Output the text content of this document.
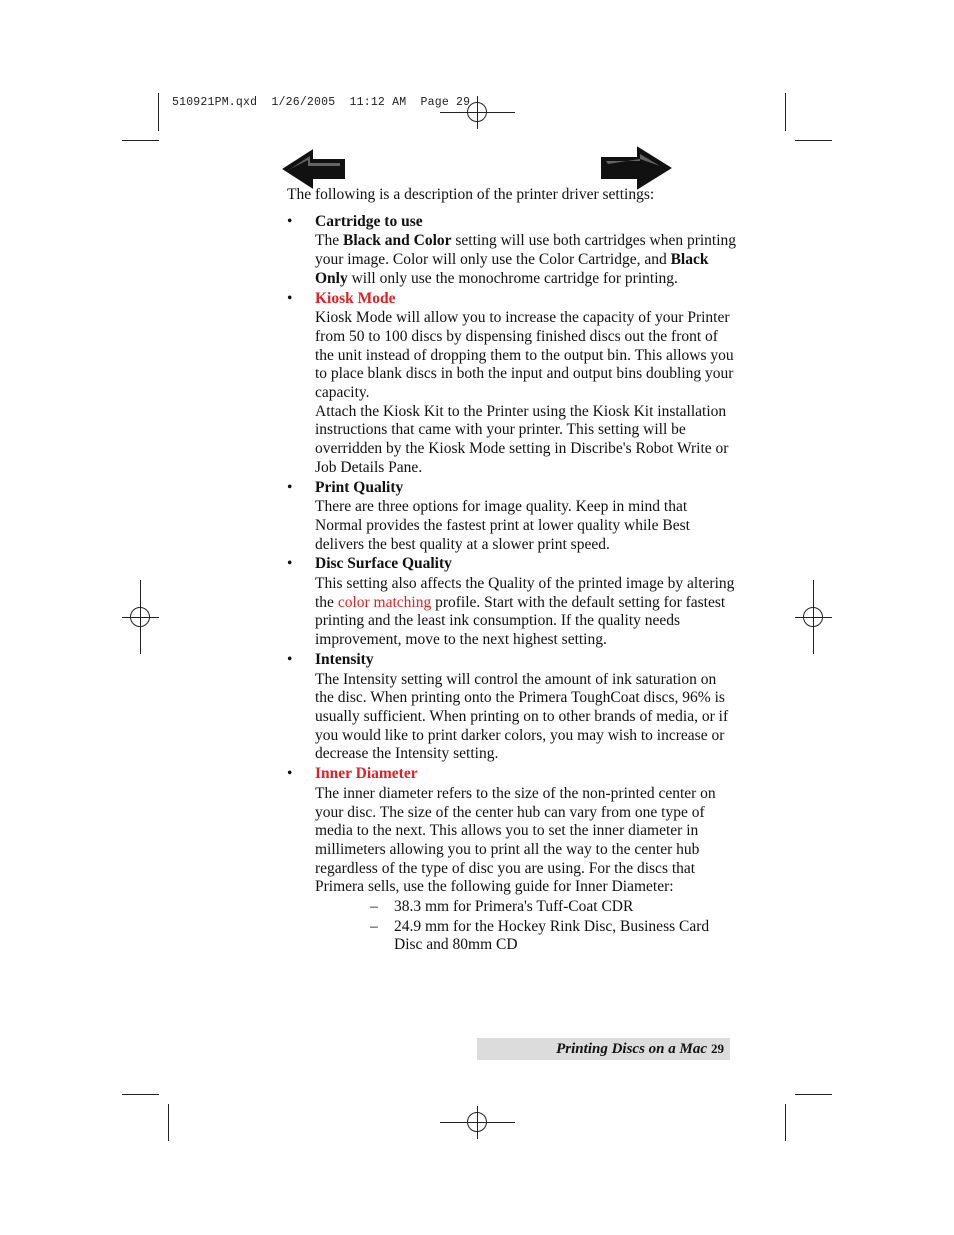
510921PM.qxd  1/26/2005  11:12 AM  Page 29

The following is a description of the printer driver settings:

• Cartridge to use
The Black and Color setting will use both cartridges when printing your image. Color will only use the Color Cartridge, and Black Only will only use the monochrome cartridge for printing.
• Kiosk Mode
Kiosk Mode will allow you to increase the capacity of your Printer from 50 to 100 discs by dispensing finished discs out the front of the unit instead of dropping them to the output bin. This allows you to place blank discs in both the input and output bins doubling your capacity.
Attach the Kiosk Kit to the Printer using the Kiosk Kit installation instructions that came with your printer. This setting will be overridden by the Kiosk Mode setting in Discribe's Robot Write or Job Details Pane.
• Print Quality
There are three options for image quality. Keep in mind that Normal provides the fastest print at lower quality while Best delivers the best quality at a slower print speed.
• Disc Surface Quality
This setting also affects the Quality of the printed image by altering the color matching profile. Start with the default setting for fastest printing and the least ink consumption. If the quality needs improvement, move to the next highest setting.
• Intensity
The Intensity setting will control the amount of ink saturation on the disc. When printing onto the Primera ToughCoat discs, 96% is usually sufficient. When printing on to other brands of media, or if you would like to print darker colors, you may wish to increase or decrease the Intensity setting.
• Inner Diameter
The inner diameter refers to the size of the non-printed center on your disc. The size of the center hub can vary from one type of media to the next. This allows you to set the inner diameter in millimeters allowing you to print all the way to the center hub regardless of the type of disc you are using. For the discs that Primera sells, use the following guide for Inner Diameter:
– 38.3 mm for Primera's Tuff-Coat CDR
– 24.9 mm for the Hockey Rink Disc, Business Card Disc and 80mm CD
Printing Discs on a Mac 29
